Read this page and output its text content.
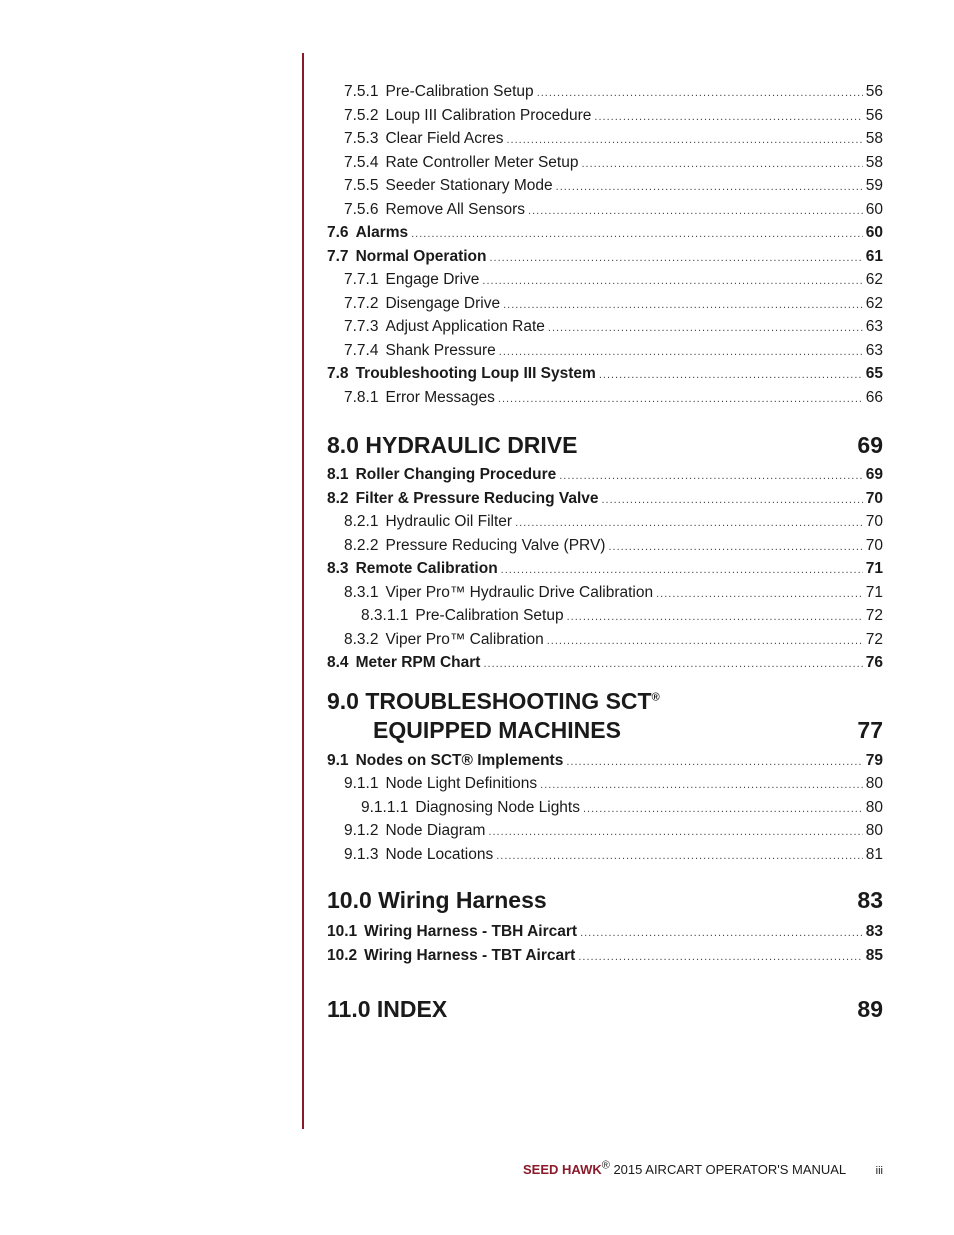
7.5.1 Pre-Calibration Setup .....	56
7.5.2 Loup III Calibration Procedure .....	56
7.5.3 Clear Field Acres .....	58
7.5.4 Rate Controller Meter Setup .....	58
7.5.5 Seeder Stationary Mode .....	59
7.5.6 Remove All Sensors .....	60
7.6 Alarms .....	60
7.7 Normal Operation .....	61
7.7.1 Engage Drive .....	62
7.7.2 Disengage Drive .....	62
7.7.3 Adjust Application Rate .....	63
7.7.4 Shank Pressure .....	63
7.8 Troubleshooting Loup III System .....	65
7.8.1 Error Messages .....	66
8.0 HYDRAULIC DRIVE	69
8.1 Roller Changing Procedure .....	69
8.2 Filter & Pressure Reducing Valve .....	70
8.2.1 Hydraulic Oil Filter .....	70
8.2.2 Pressure Reducing Valve (PRV) .....	70
8.3 Remote Calibration .....	71
8.3.1 Viper Pro™ Hydraulic Drive Calibration .....	71
8.3.1.1 Pre-Calibration Setup .....	72
8.3.2 Viper Pro™ Calibration .....	72
8.4 Meter RPM Chart .....	76
9.0 TROUBLESHOOTING SCT®
EQUIPPED MACHINES	77
9.1 Nodes on SCT® Implements .....	79
9.1.1 Node Light Definitions .....	80
9.1.1.1 Diagnosing Node Lights .....	80
9.1.2 Node Diagram .....	80
9.1.3 Node Locations .....	81
10.0 Wiring Harness	83
10.1 Wiring Harness - TBH Aircart .....	83
10.2 Wiring Harness - TBT Aircart .....	85
11.0 INDEX	89
SEED HAWK® 2015 AIRCART OPERATOR'S MANUAL	iii
